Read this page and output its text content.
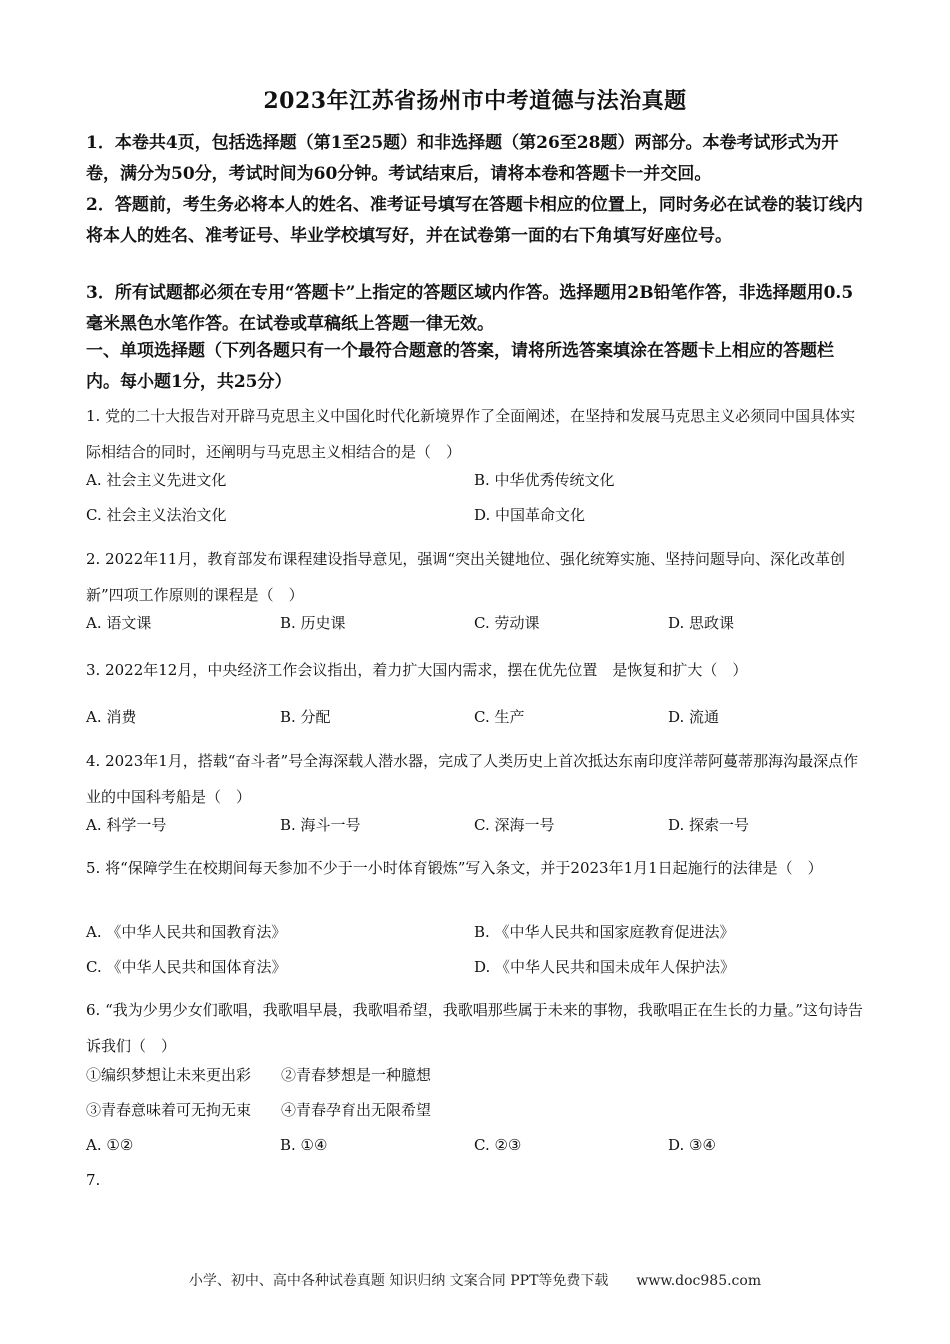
2023年江苏省扬州市中考道德与法治真题
1．本卷共4页，包括选择题（第1至25题）和非选择题（第26至28题）两部分。本卷考试形式为开卷，满分为50分，考试时间为60分钟。考试结束后，请将本卷和答题卡一并交回。
2．答题前，考生务必将本人的姓名、准考证号填写在答题卡相应的位置上，同时务必在试卷的装订线内将本人的姓名、准考证号、毕业学校填写好，并在试卷第一面的右下角填写好座位号。
3．所有试题都必须在专用“答题卡”上指定的答题区域内作答。选择题用2B铅笔作答，非选择题用0.5毫米黑色水笔作答。在试卷或草稿纸上答题一律无效。
一、单项选择题（下列各题只有一个最符合题意的答案，请将所选答案填涂在答题卡上相应的答题栏内。每小题1分，共25分）
1. 党的二十大报告对开辟马克思主义中国化时代化新境界作了全面阐述，在坚持和发展马克思主义必须同中国具体实际相结合的同时，还阐明与马克思主义相结合的是（　）
A. 社会主义先进文化	B. 中华优秀传统文化
C. 社会主义法治文化	D. 中国革命文化
2. 2022年11月，教育部发布课程建设指导意见，强调“突出关键地位、强化统筹实施、坚持问题导向、深化改革创新”四项工作原则的课程是（　）
A. 语文课	B. 历史课	C. 劳动课	D. 思政课
3. 2022年12月，中央经济工作会议指出，着力扩大国内需求，摆在优先位置　是恢复和扩大（　）
A. 消费	B. 分配	C. 生产	D. 流通
4. 2023年1月，搭载“奋斗者”号全海深载人潜水器，完成了人类历史上首次抵达东南印度洋蒂阿蔓蒂那海沟最深点作业的中国科考船是（　）
A. 科学一号	B. 海斗一号	C. 深海一号	D. 探索一号
5. 将“保障学生在校期间每天参加不少于一小时体育锻炼”写入条文，并于2023年1月1日起施行的法律是（　）
A. 《中华人民共和国教育法》	B. 《中华人民共和国家庭教育促进法》
C. 《中华人民共和国体育法》	D. 《中华人民共和国未成年人保护法》
6. “我为少男少女们歌唱，我歌唱早晨，我歌唱希望，我歌唱那些属于未来的事物，我歌唱正在生长的力量。”这句诗告诉我们（　）
①编织梦想让未来更出彩　　②青春梦想是一种臆想
③青春意味着可无拘无束　　④青春孕育出无限希望
A. ①②	B. ①④	C. ②③	D. ③④
7.
小学、初中、高中各种试卷真题 知识归纳 文案合同 PPT等免费下载　　www.doc985.com
